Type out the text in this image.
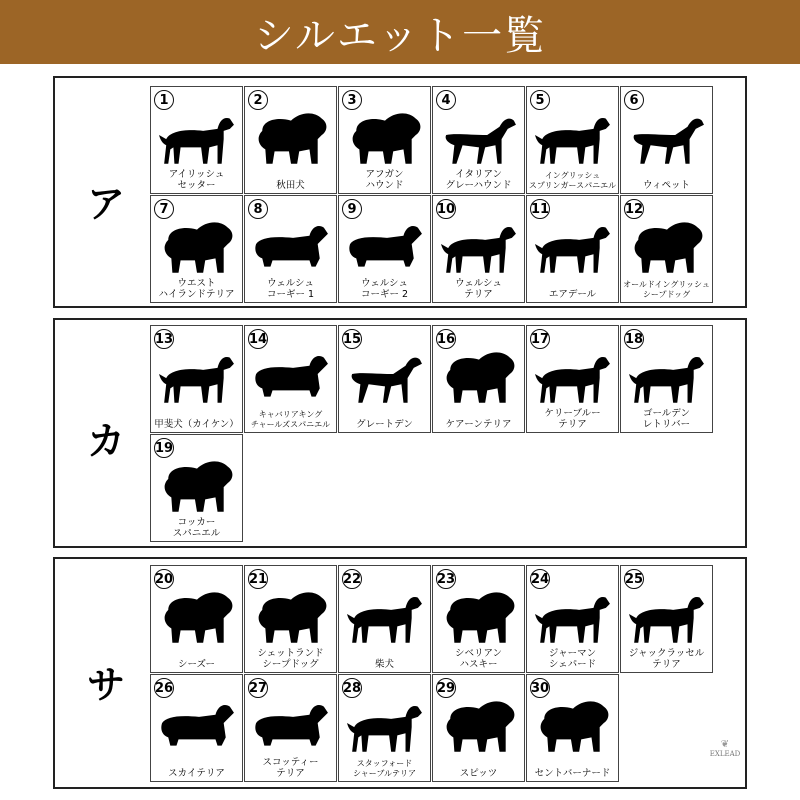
シルエット一覧
ア
カ
サ
1
アイリッシュ
セッター
2
秋田犬
3
アフガン
ハウンド
4
イタリアン
グレーハウンド
5
イングリッシュ
スプリンガースパニエル
6
ウィペット
7
ウエスト
ハイランドテリア
8
ウェルシュ
コーギー 1
9
ウェルシュ
コーギー 2
10
ウェルシュ
テリア
11
エアデール
12
オールドイングリッシュ
シープドッグ
13
甲斐犬（カイケン）
14
キャバリアキング
チャールズスパニエル
15
グレートデン
16
ケアーンテリア
17
ケリーブルー
テリア
18
ゴールデン
レトリバー
19
コッカー
スパニエル
20
シーズー
21
シェットランド
シープドッグ
22
柴犬
23
シベリアン
ハスキー
24
ジャーマン
シェパード
25
ジャックラッセル
テリア
26
スカイテリア
27
スコッティー
テリア
28
スタッフォード
シャーブルテリア
29
スピッツ
30
セントバーナード
❦
EXLEAD
